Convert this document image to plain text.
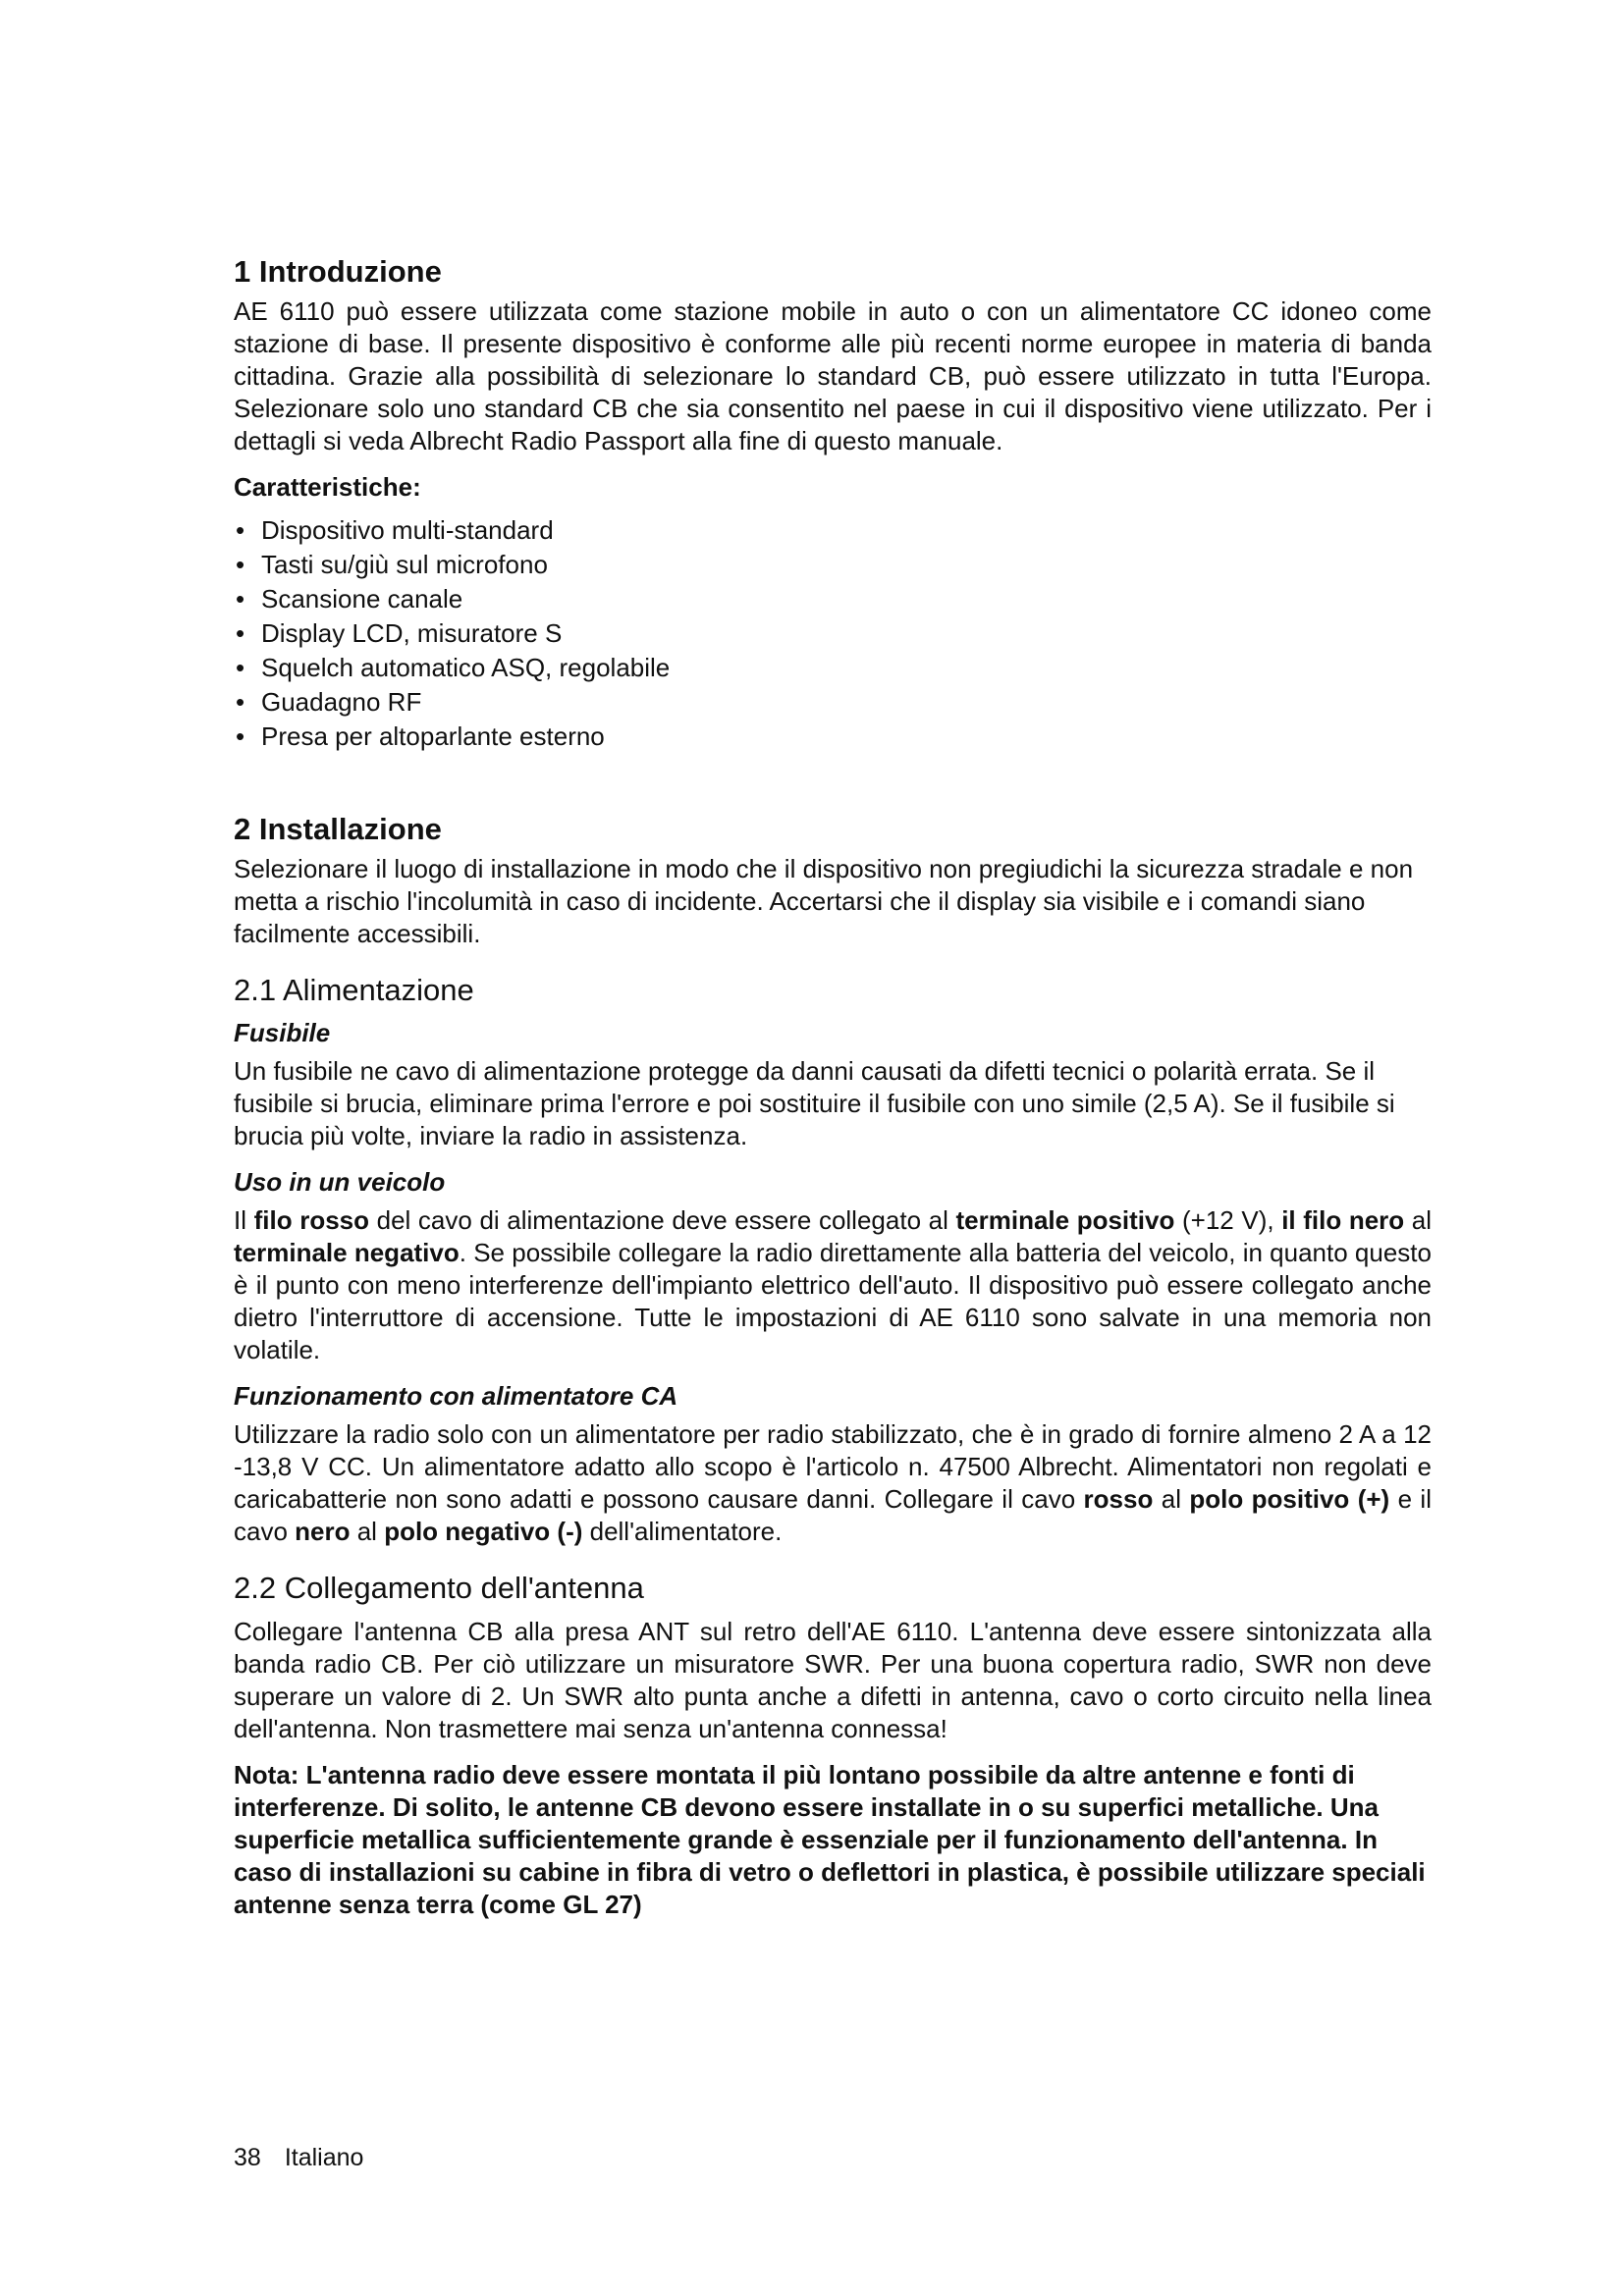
1 Introduzione

AE 6110 può essere utilizzata come stazione mobile in auto o con un alimentatore CC idoneo come stazione di base. Il presente dispositivo è conforme alle più recenti norme europee in materia di banda cittadina. Grazie alla possibilità di selezionare lo standard CB, può essere utilizzato in tutta l'Europa. Selezionare solo uno standard CB che sia consentito nel paese in cui il dispositivo viene utilizzato. Per i dettagli si veda Albrecht Radio Passport alla fine di questo manuale.

Caratteristiche:
• Dispositivo multi-standard
• Tasti su/giù sul microfono
• Scansione canale
• Display LCD, misuratore S
• Squelch automatico ASQ, regolabile
• Guadagno RF
• Presa per altoparlante esterno
2 Installazione

Selezionare il luogo di installazione in modo che il dispositivo non pregiudichi la sicurezza stradale e non metta a rischio l'incolumità in caso di incidente. Accertarsi che il display sia visibile e i comandi siano facilmente accessibili.

2.1 Alimentazione
Fusibile

Un fusibile ne cavo di alimentazione protegge da danni causati da difetti tecnici o polarità errata. Se il fusibile si brucia, eliminare prima l'errore e poi sostituire il fusibile con uno simile (2,5 A). Se il fusibile si brucia più volte, inviare la radio in assistenza.

Uso in un veicolo

Il filo rosso del cavo di alimentazione deve essere collegato al terminale positivo (+12 V), il filo nero al terminale negativo. Se possibile collegare la radio direttamente alla batteria del veicolo, in quanto questo è il punto con meno interferenze dell'impianto elettrico dell'auto. Il dispositivo può essere collegato anche dietro l'interruttore di accensione. Tutte le impostazioni di AE 6110 sono salvate in una memoria non volatile.

Funzionamento con alimentatore CA

Utilizzare la radio solo con un alimentatore per radio stabilizzato, che è in grado di fornire almeno 2 A a 12 -13,8 V CC. Un alimentatore adatto allo scopo è l'articolo n. 47500 Albrecht. Alimentatori non regolati e caricabatterie non sono adatti e possono causare danni. Collegare il cavo rosso al polo positivo (+) e il cavo nero al polo negativo (-) dell'alimentatore.

2.2 Collegamento dell'antenna

Collegare l'antenna CB alla presa ANT sul retro dell'AE 6110. L'antenna deve essere sintonizzata alla banda radio CB. Per ciò utilizzare un misuratore SWR. Per una buona copertura radio, SWR non deve superare un valore di 2. Un SWR alto punta anche a difetti in antenna, cavo o corto circuito nella linea dell'antenna. Non trasmettere mai senza un'antenna connessa!

Nota: L'antenna radio deve essere montata il più lontano possibile da altre antenne e fonti di interferenze. Di solito, le antenne CB devono essere installate in o su superfici metalliche. Una superficie metallica sufficientemente grande è essenziale per il funzionamento dell'antenna. In caso di installazioni su cabine in fibra di vetro o deflettori in plastica, è possibile utilizzare speciali antenne senza terra (come GL 27)

38 Italiano
